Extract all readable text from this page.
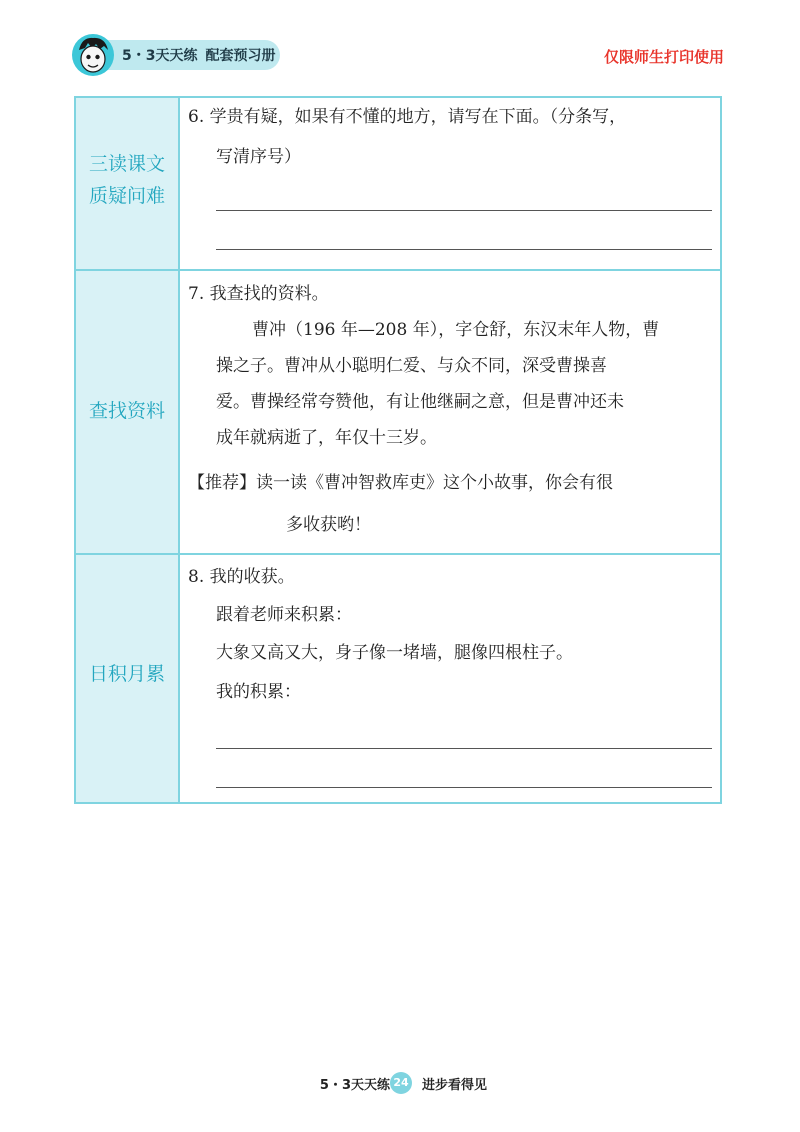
5・3天天练 配套预习册	仅限师生打印使用
三读课文
质疑问难
6. 学贵有疑，如果有不懂的地方，请写在下面。（分条写，
写清序号）
查找资料
7. 我查找的资料。
曹冲（196 年—208 年），字仓舒，东汉末年人物，曹
操之子。曹冲从小聪明仁爱、与众不同，深受曹操喜
爱。曹操经常夸赞他，有让他继嗣之意，但是曹冲还未
成年就病逝了，年仅十三岁。
【推荐】读一读《曹冲智救库吏》这个小故事，你会有很
多收获哟！
日积月累
8. 我的收获。
跟着老师来积累：
大象又高又大，身子像一堵墙，腿像四根柱子。
我的积累：
5・3天天练 24 进步看得见
